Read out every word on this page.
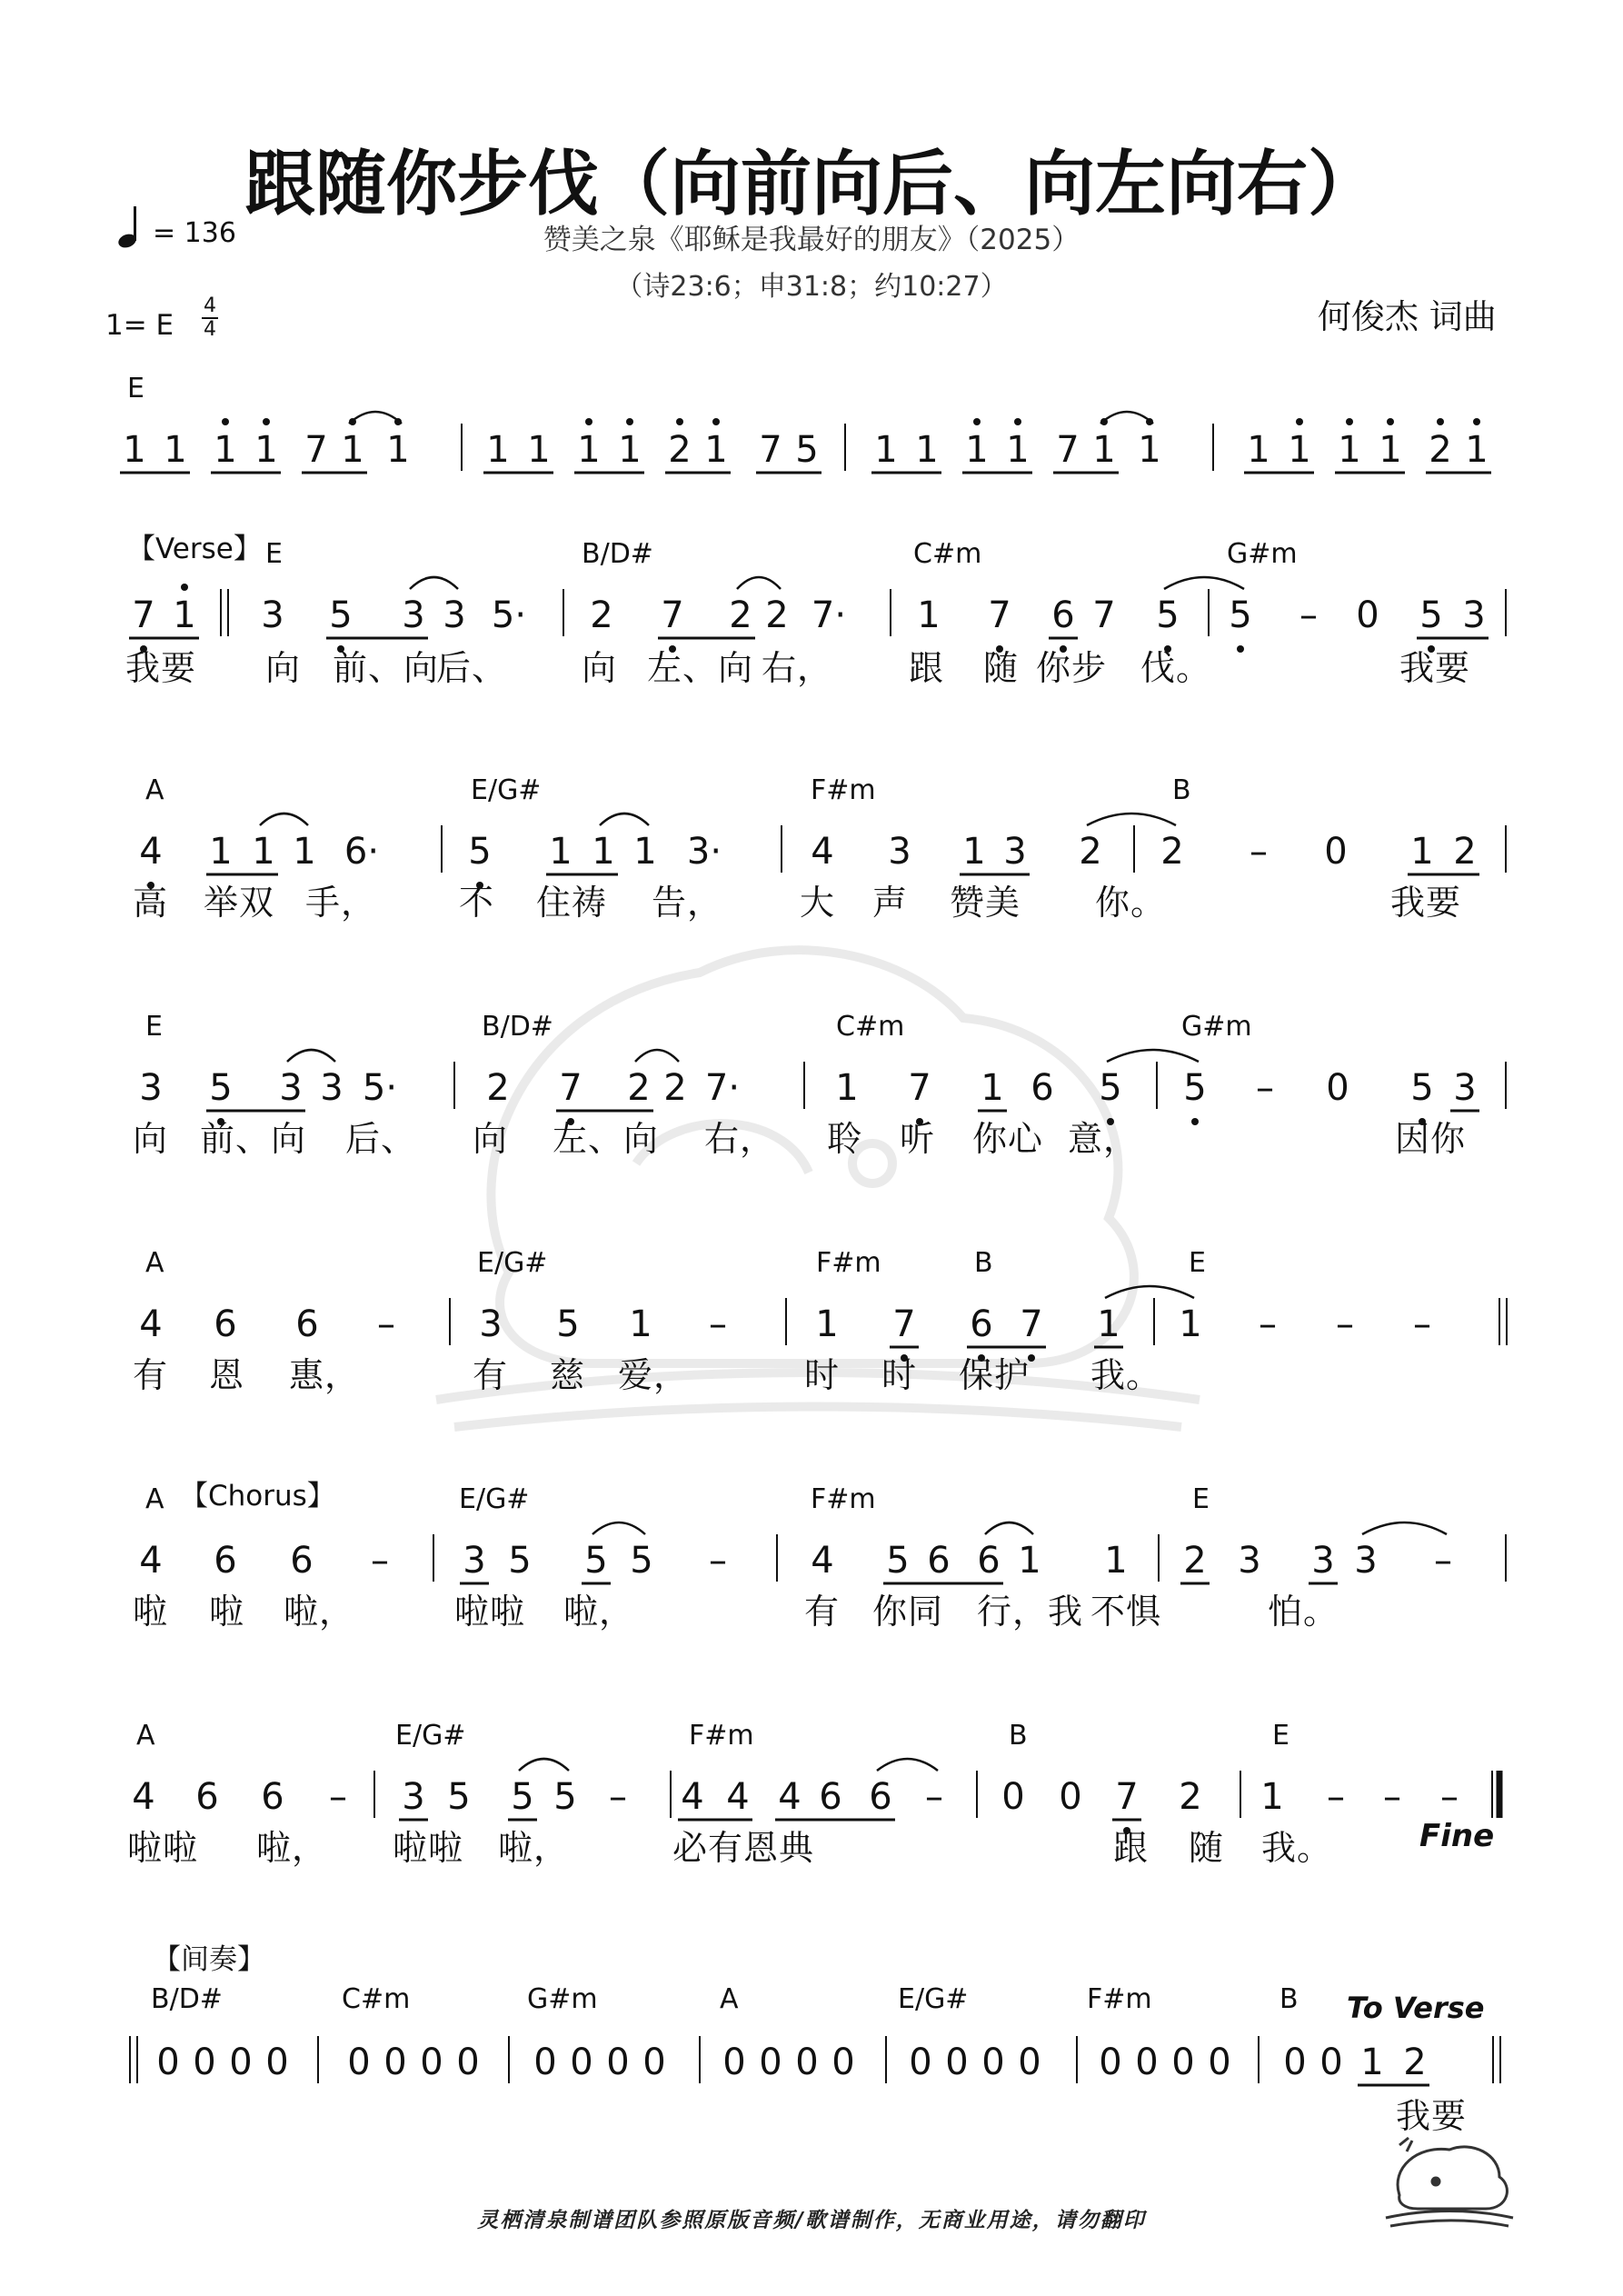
跟随你步伐（向前向后、向左向右）
赞美之泉《耶稣是我最好的朋友》（2025）
（诗23:6；申31:8；约10:27）
= 136
1= E
4
4	何俊杰 词曲
【Verse】
【Chorus】
【间奏】
Fine
To Verse
E
E	B/D#	C#m	G#m
A	E/G#	F#m	B
E	B/D#	C#m	G#m
A	E/G#	F#m	B	E
A	E/G#	F#m	E
A	E/G#	F#m	B	E
B/D#	C#m	G#m	A	E/G#	F#m	B
1 1 1 1 7 1 1 1 1 1 1 2 1 7 5 1 1 1 1 7 1 1 1 1 1 1 2 1
7 1 3 5 3 3 5· 2 7 2 2 7· 1 7 6 7 5 5 – 0 5 3
4 1 1 1 6· 5 1 1 1 3· 4 3 1 3 2 2 – 0 1 2
3 5 3 3 5· 2 7 2 2 7·	1 7 1 6 5 5 – 0 5 3
4 6 6 – 3 5 1 – 1 7 6 7 1 1 – – –
4 6 6 – 3 5 5 5 – 4 5 6 6 1 1 2 3 3 3 –
4 6 6 – 3 5 5 5 – 4 4 4 6 6 – 0 0 7 2 1 – – –
0 0 0 0 0 0 0 0 0 0 0 0 0 0 0 0 0 0 0 0 0 0 0 0 0 0 1 2
我要 向 前、向
后、 向 左、向 右， 跟 随 你步 伐。	我要
高 举双 手， 不 住祷 告， 大 声 赞美 你。	我要
向 前、向 后、 向 左、向 右， 聆 听 你心 意，	因你
有 恩 惠，	有 慈 爱，	时 时 保护 我。
啦 啦 啦，	啦啦 啦，	有 你同 行，我 不惧	怕。
啦啦 啦， 啦啦 啦，	必有恩典	跟 随 我。
我要
灵栖清泉制谱团队参照原版音频/歌谱制作，无商业用途，请勿翻印
